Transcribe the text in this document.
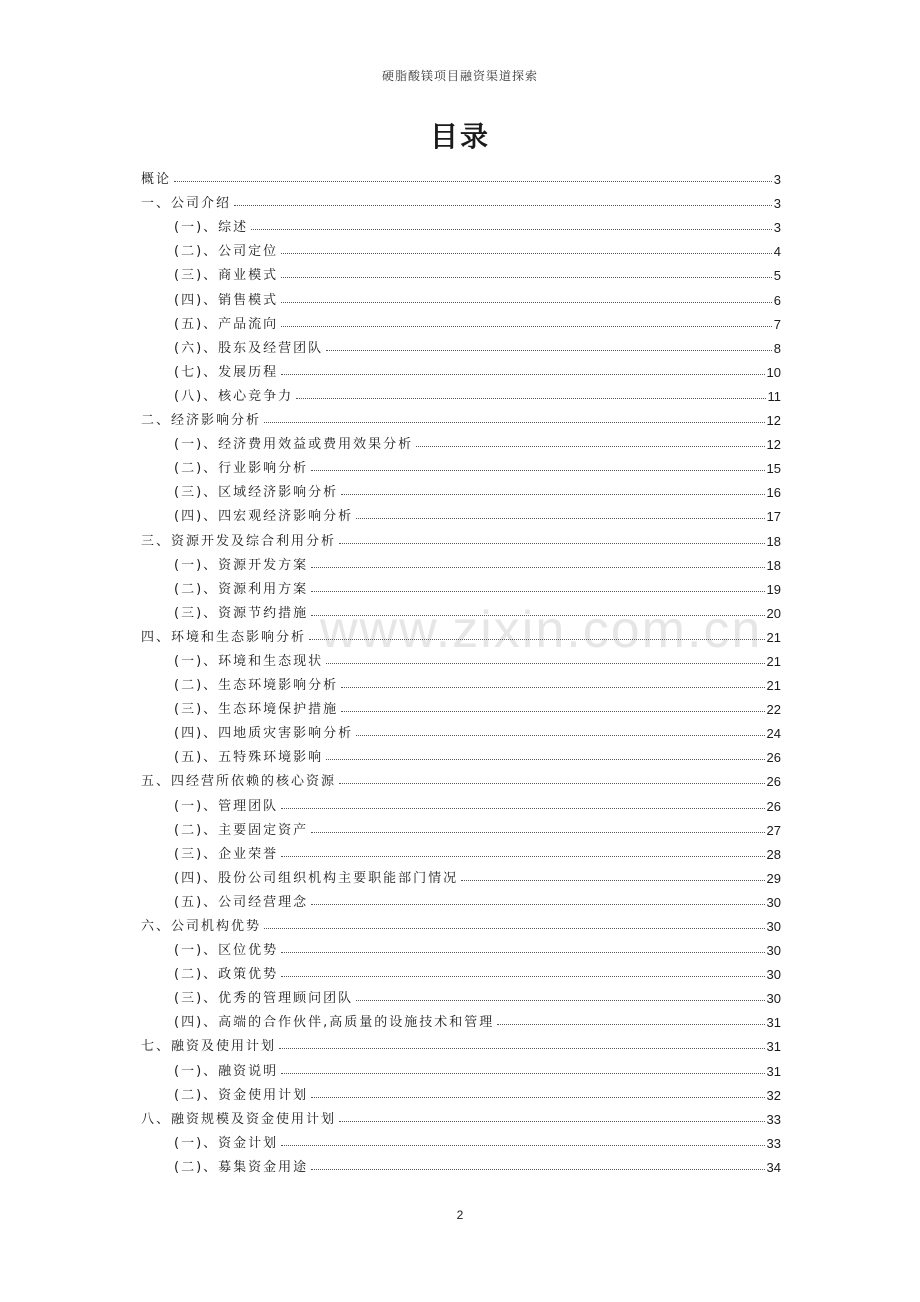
www.zixin.com.cn
硬脂酸镁项目融资渠道探索
目录
概论	3
一、公司介绍	3
(一)、综述	3
(二)、公司定位	4
(三)、商业模式	5
(四)、销售模式	6
(五)、产品流向	7
(六)、股东及经营团队	8
(七)、发展历程	10
(八)、核心竞争力	11
二、经济影响分析	12
(一)、经济费用效益或费用效果分析	12
(二)、行业影响分析	15
(三)、区域经济影响分析	16
(四)、四宏观经济影响分析	17
三、资源开发及综合利用分析	18
(一)、资源开发方案	18
(二)、资源利用方案	19
(三)、资源节约措施	20
四、环境和生态影响分析	21
(一)、环境和生态现状	21
(二)、生态环境影响分析	21
(三)、生态环境保护措施	22
(四)、四地质灾害影响分析	24
(五)、五特殊环境影响	26
五、四经营所依赖的核心资源	26
(一)、管理团队	26
(二)、主要固定资产	27
(三)、企业荣誉	28
(四)、股份公司组织机构主要职能部门情况	29
(五)、公司经营理念	30
六、公司机构优势	30
(一)、区位优势	30
(二)、政策优势	30
(三)、优秀的管理顾问团队	30
(四)、高端的合作伙伴,高质量的设施技术和管理	31
七、融资及使用计划	31
(一)、融资说明	31
(二)、资金使用计划	32
八、融资规模及资金使用计划	33
(一)、资金计划	33
(二)、募集资金用途	34
2
